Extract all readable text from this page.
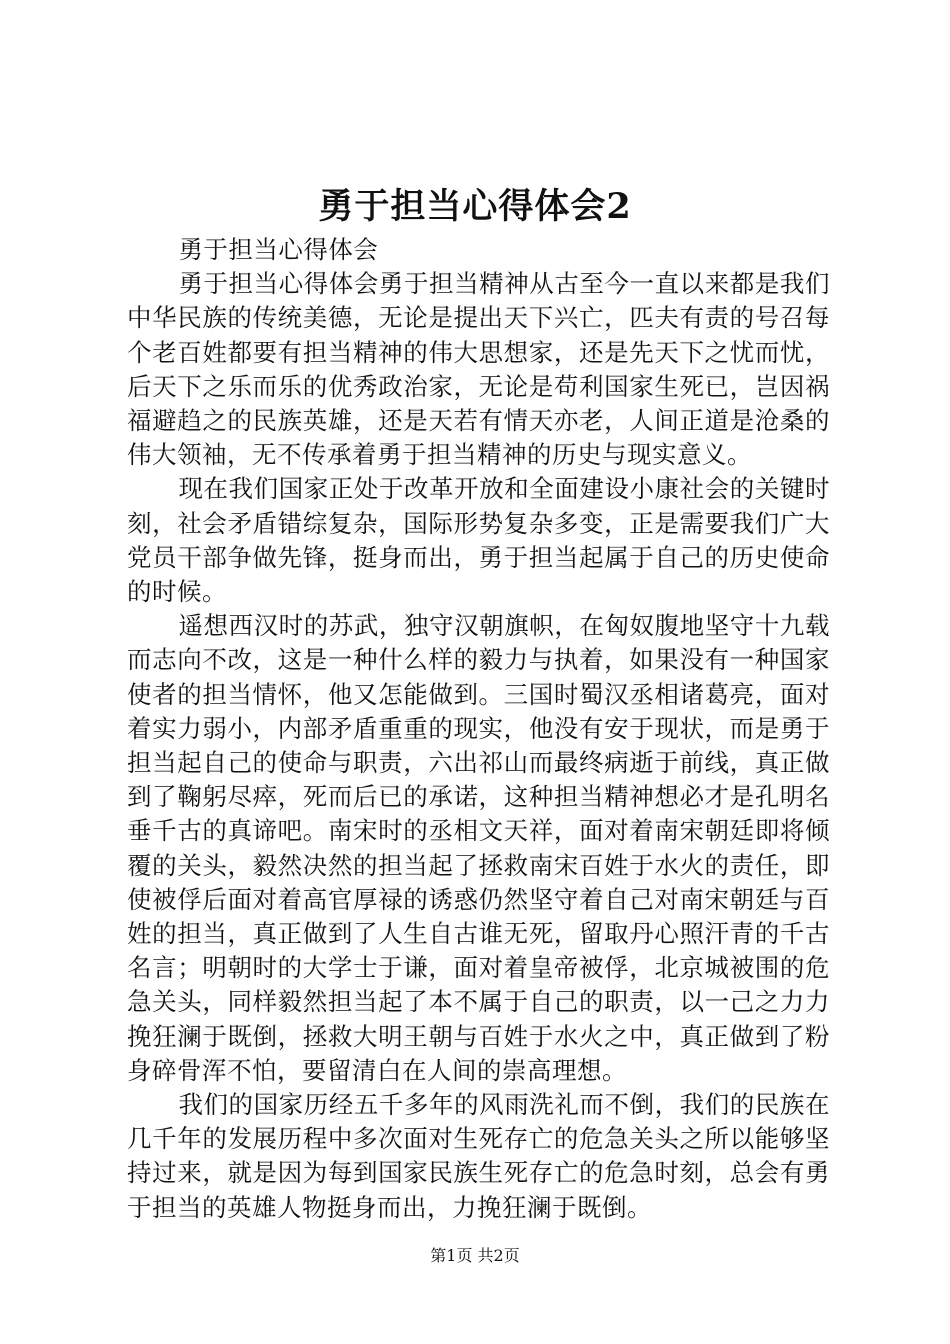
勇于担当心得体会2

勇于担当心得体会

勇于担当心得体会勇于担当精神从古至今一直以来都是我们中华民族的传统美德，无论是提出天下兴亡，匹夫有责的号召每个老百姓都要有担当精神的伟大思想家，还是先天下之忧而忧，后天下之乐而乐的优秀政治家，无论是苟利国家生死已，岂因祸福避趋之的民族英雄，还是天若有情天亦老，人间正道是沧桑的伟大领袖，无不传承着勇于担当精神的历史与现实意义。

现在我们国家正处于改革开放和全面建设小康社会的关键时刻，社会矛盾错综复杂，国际形势复杂多变，正是需要我们广大党员干部争做先锋，挺身而出，勇于担当起属于自己的历史使命的时候。

遥想西汉时的苏武，独守汉朝旗帜，在匈奴腹地坚守十九载而志向不改，这是一种什么样的毅力与执着，如果没有一种国家使者的担当情怀，他又怎能做到。三国时蜀汉丞相诸葛亮，面对着实力弱小，内部矛盾重重的现实，他没有安于现状，而是勇于担当起自己的使命与职责，六出祁山而最终病逝于前线，真正做到了鞠躬尽瘁，死而后已的承诺，这种担当精神想必才是孔明名垂千古的真谛吧。南宋时的丞相文天祥，面对着南宋朝廷即将倾覆的关头，毅然决然的担当起了拯救南宋百姓于水火的责任，即使被俘后面对着高官厚禄的诱惑仍然坚守着自己对南宋朝廷与百姓的担当，真正做到了人生自古谁无死，留取丹心照汗青的千古名言；明朝时的大学士于谦，面对着皇帝被俘，北京城被围的危急关头，同样毅然担当起了本不属于自己的职责，以一己之力力挽狂澜于既倒，拯救大明王朝与百姓于水火之中，真正做到了粉身碎骨浑不怕，要留清白在人间的崇高理想。

我们的国家历经五千多年的风雨洗礼而不倒，我们的民族在几千年的发展历程中多次面对生死存亡的危急关头之所以能够坚持过来，就是因为每到国家民族生死存亡的危急时刻，总会有勇于担当的英雄人物挺身而出，力挽狂澜于既倒。

第1页 共2页
